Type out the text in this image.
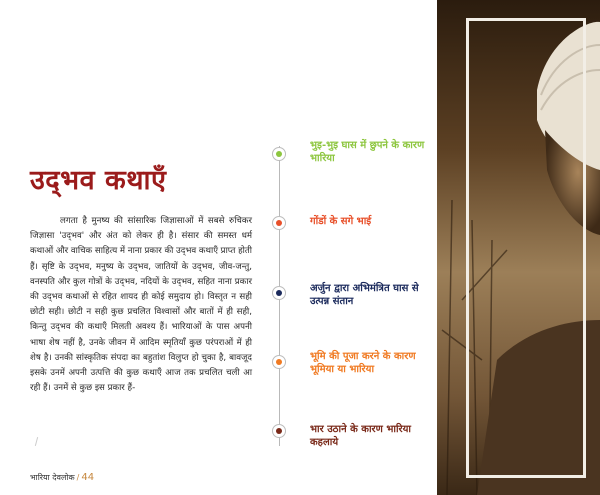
उद्‌भव कथाएँ
लगता है मुनष्य की सांसारिक जिज्ञासाओं में सबसे रुचिकर जिज्ञासा 'उद्‌भव' और अंत को लेकर ही है। संसार की समस्त धर्म कथाओं और वाचिक साहित्य में नाना प्रकार की उद्‌भव कथाएँ प्राप्त होती हैं। सृष्टि के उद्‌भव, मनुष्य के उद्‌भव, जातियों के उद्‌भव, जीव-जन्तु, वनस्पति और कुल गोत्रों के उद्‌भव, नदियों के उद्‌भव, सहित नाना प्रकार की उद्‌भव कथाओं से रहित शायद ही कोई समुदाय हो। विस्तृत न सही छोटी सही। छोटी न सही कुछ प्रचलित विश्वासों और बातों में ही सही, किन्तु उद्‌भव की कथाएँ मिलती अवश्य हैं। भारियाओं के पास अपनी भाषा शेष नहीं है, उनके जीवन में आदिम स्मृतियाँ कुछ परंपराओं में ही शेष है। उनकी सांस्कृतिक संपदा का बहुतांश विलुप्त हो चुका है, बावजूद इसके उनमें अपनी उत्पत्ति की कुछ कथाएँ आज तक प्रचलित चली आ रही हैं। उनमें से कुछ इस प्रकार हैं-
भुइ-भुइ घास में छुपने के कारण भारिया
गोंडों के सगे भाई
अर्जुन द्वारा अभिमंत्रित घास से उत्पन्न संतान
भूमि की पूजा करने के कारण भूमिया या भारिया
भार उठाने के कारण भारिया कहलाये
भारिया देवलोक / 44
